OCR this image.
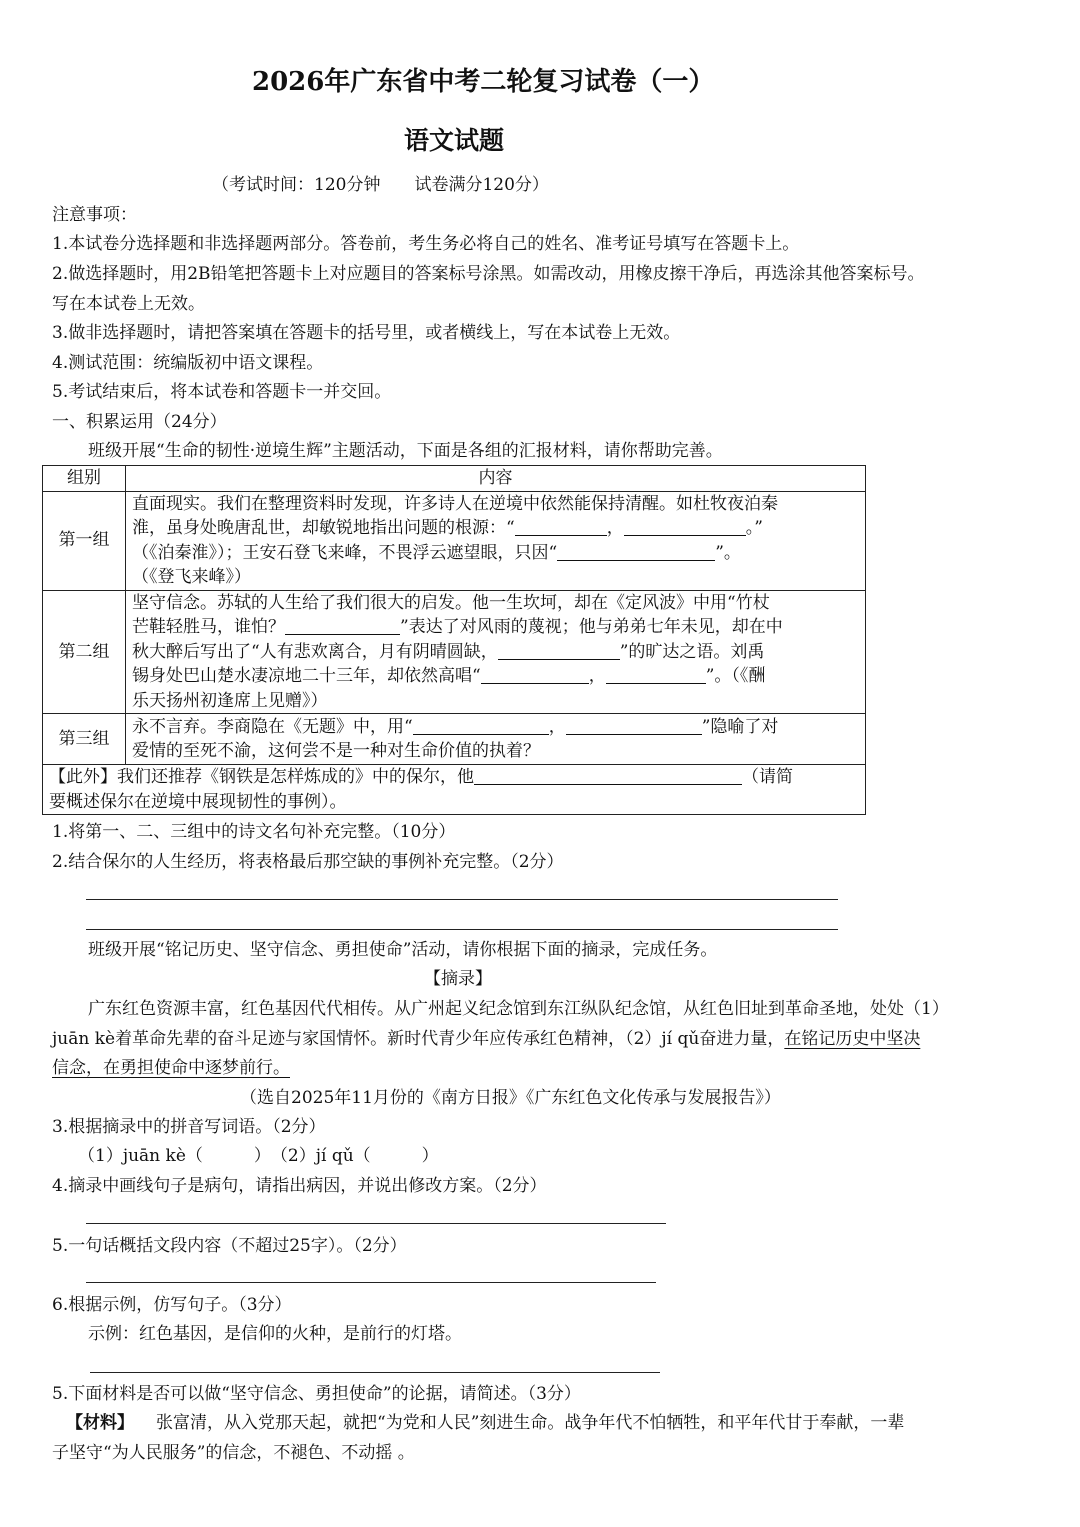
2026年广东省中考二轮复习试卷（一）
语文试题
（考试时间：120分钟　　试卷满分120分）
注意事项：
1.本试卷分选择题和非选择题两部分。答卷前，考生务必将自己的姓名、准考证号填写在答题卡上。
2.做选择题时，用2B铅笔把答题卡上对应题目的答案标号涂黑。如需改动，用橡皮擦干净后，再选涂其他答案标号。
写在本试卷上无效。
3.做非选择题时，请把答案填在答题卡的括号里，或者横线上，写在本试卷上无效。
4.测试范围：统编版初中语文课程。
5.考试结束后，将本试卷和答题卡一并交回。
一、积累运用（24分）
班级开展“生命的韧性·逆境生辉”主题活动，下面是各组的汇报材料，请你帮助完善。
组别	内容
第一组	直面现实。我们在整理资料时发现，许多诗人在逆境中依然能保持清醒。如杜牧夜泊秦
淮，虽身处晚唐乱世，却敏锐地指出问题的根源：“ ， 。”
（《泊秦淮》）；王安石登飞来峰，不畏浮云遮望眼，只因“ ”。
（《登飞来峰》）

第二组	坚守信念。苏轼的人生给了我们很大的启发。他一生坎坷，却在《定风波》中用“竹杖
芒鞋轻胜马，谁怕？ ”表达了对风雨的蔑视；他与弟弟七年未见，却在中
秋大醉后写出了“人有悲欢离合，月有阴晴圆缺， ”的旷达之语。刘禹
锡身处巴山楚水凄凉地二十三年，却依然高唱“ ， ”。（《酬
乐天扬州初逢席上见赠》）

第三组	永不言弃。李商隐在《无题》中，用“ ， ”隐喻了对
爱情的至死不渝，这何尝不是一种对生命价值的执着？

【此外】我们还推荐《钢铁是怎样炼成的》中的保尔，他 （请简
要概述保尔在逆境中展现韧性的事例）。	
1.将第一、二、三组中的诗文名句补充完整。（10分）
2.结合保尔的人生经历，将表格最后那空缺的事例补充完整。（2分）
班级开展“铭记历史、坚守信念、勇担使命”活动，请你根据下面的摘录，完成任务。
【摘录】
广东红色资源丰富，红色基因代代相传。从广州起义纪念馆到东江纵队纪念馆，从红色旧址到革命圣地，处处（1）
juān kè着革命先辈的奋斗足迹与家国情怀。新时代青少年应传承红色精神，（2）jí qǔ奋进力量，在铭记历史中坚决
信念，在勇担使命中逐梦前行。
（选自2025年11月份的《南方日报》《广东红色文化传承与发展报告》）
3.根据摘录中的拼音写词语。（2分）
（1）juān kè（　　　）　（2）jí qǔ（　　　）
4.摘录中画线句子是病句，请指出病因，并说出修改方案。（2分）
5.一句话概括文段内容（不超过25字）。（2分）
6.根据示例，仿写句子。（3分）
示例：红色基因，是信仰的火种，是前行的灯塔。
5.下面材料是否可以做“坚守信念、勇担使命”的论据，请简述。（3分）
【材料】 张富清，从入党那天起，就把“为党和人民”刻进生命。战争年代不怕牺牲，和平年代甘于奉献，一辈
子坚守“为人民服务”的信念，不褪色、不动摇 。
